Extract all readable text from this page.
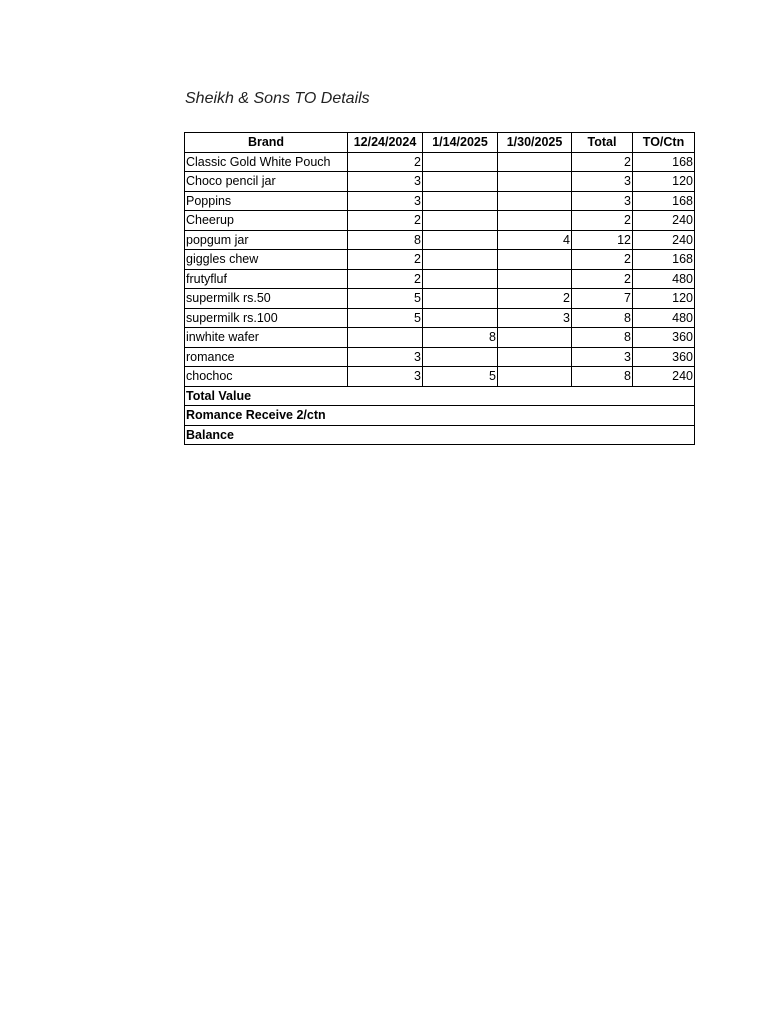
Sheikh & Sons TO Details
Brand	12/24/2024	1/14/2025	1/30/2025	Total	TO/Ctn
Classic Gold White Pouch	2			2	168
Choco pencil jar	3			3	120
Poppins	3			3	168
Cheerup	2			2	240
popgum jar	8		4	12	240
giggles chew	2			2	168
frutyfluf	2			2	480
supermilk rs.50	5		2	7	120
supermilk rs.100	5		3	8	480
inwhite wafer		8		8	360
romance	3			3	360
chochoc	3	5		8	240
Total Value					
Romance Receive 2/ctn					
Balance					
